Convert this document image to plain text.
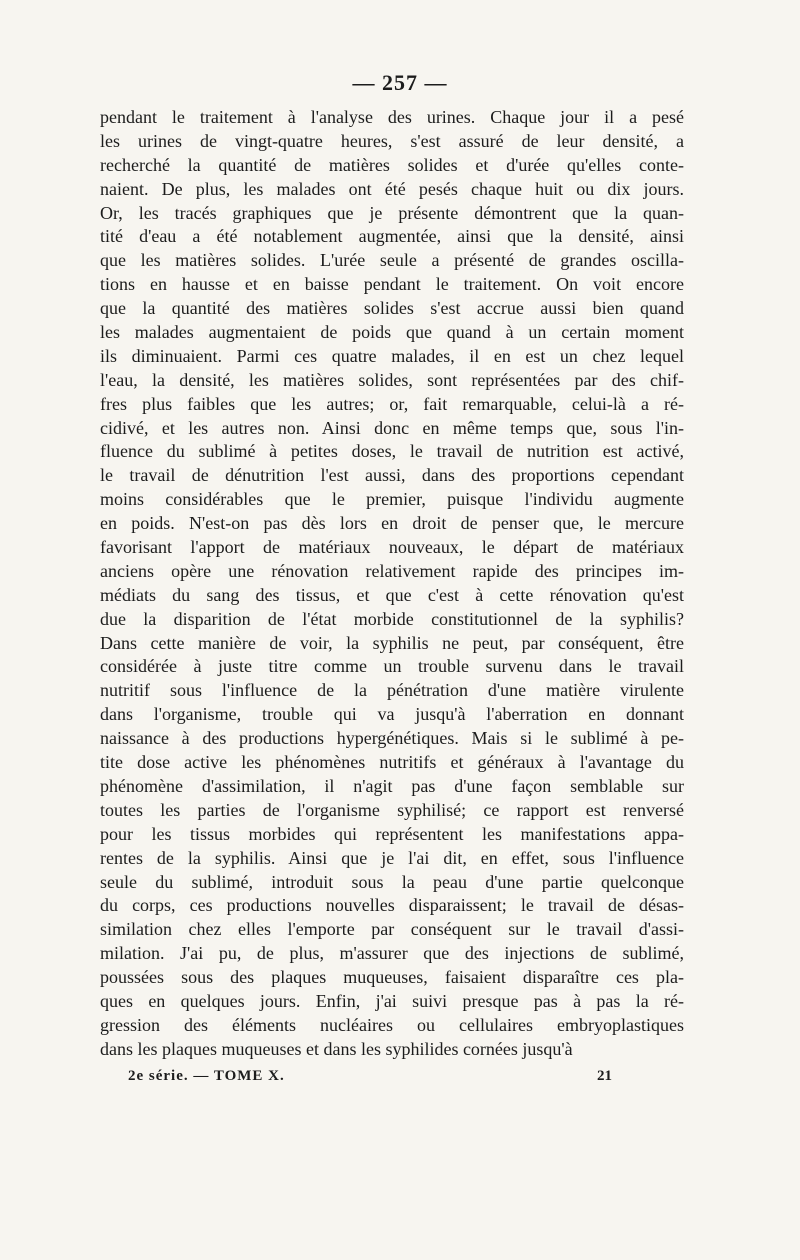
— 257 —
pendant le traitement à l'analyse des urines. Chaque jour il a pesé
les urines de vingt-quatre heures, s'est assuré de leur densité, a
recherché la quantité de matières solides et d'urée qu'elles conte-
naient. De plus, les malades ont été pesés chaque huit ou dix jours.
Or, les tracés graphiques que je présente démontrent que la quan-
tité d'eau a été notablement augmentée, ainsi que la densité, ainsi
que les matières solides. L'urée seule a présenté de grandes oscilla-
tions en hausse et en baisse pendant le traitement. On voit encore
que la quantité des matières solides s'est accrue aussi bien quand
les malades augmentaient de poids que quand à un certain moment
ils diminuaient. Parmi ces quatre malades, il en est un chez lequel
l'eau, la densité, les matières solides, sont représentées par des chif-
fres plus faibles que les autres; or, fait remarquable, celui-là a ré-
cidivé, et les autres non. Ainsi donc en même temps que, sous l'in-
fluence du sublimé à petites doses, le travail de nutrition est activé,
le travail de dénutrition l'est aussi, dans des proportions cependant
moins considérables que le premier, puisque l'individu augmente
en poids. N'est-on pas dès lors en droit de penser que, le mercure
favorisant l'apport de matériaux nouveaux, le départ de matériaux
anciens opère une rénovation relativement rapide des principes im-
médiats du sang des tissus, et que c'est à cette rénovation qu'est
due la disparition de l'état morbide constitutionnel de la syphilis?
Dans cette manière de voir, la syphilis ne peut, par conséquent, être
considérée à juste titre comme un trouble survenu dans le travail
nutritif sous l'influence de la pénétration d'une matière virulente
dans l'organisme, trouble qui va jusqu'à l'aberration en donnant
naissance à des productions hypergénétiques. Mais si le sublimé à pe-
tite dose active les phénomènes nutritifs et généraux à l'avantage du
phénomène d'assimilation, il n'agit pas d'une façon semblable sur
toutes les parties de l'organisme syphilisé; ce rapport est renversé
pour les tissus morbides qui représentent les manifestations appa-
rentes de la syphilis. Ainsi que je l'ai dit, en effet, sous l'influence
seule du sublimé, introduit sous la peau d'une partie quelconque
du corps, ces productions nouvelles disparaissent; le travail de désas-
similation chez elles l'emporte par conséquent sur le travail d'assi-
milation. J'ai pu, de plus, m'assurer que des injections de sublimé,
poussées sous des plaques muqueuses, faisaient disparaître ces pla-
ques en quelques jours. Enfin, j'ai suivi presque pas à pas la ré-
gression des éléments nucléaires ou cellulaires embryoplastiques
dans les plaques muqueuses et dans les syphilides cornées jusqu'à
2e série. — TOME X.	21
